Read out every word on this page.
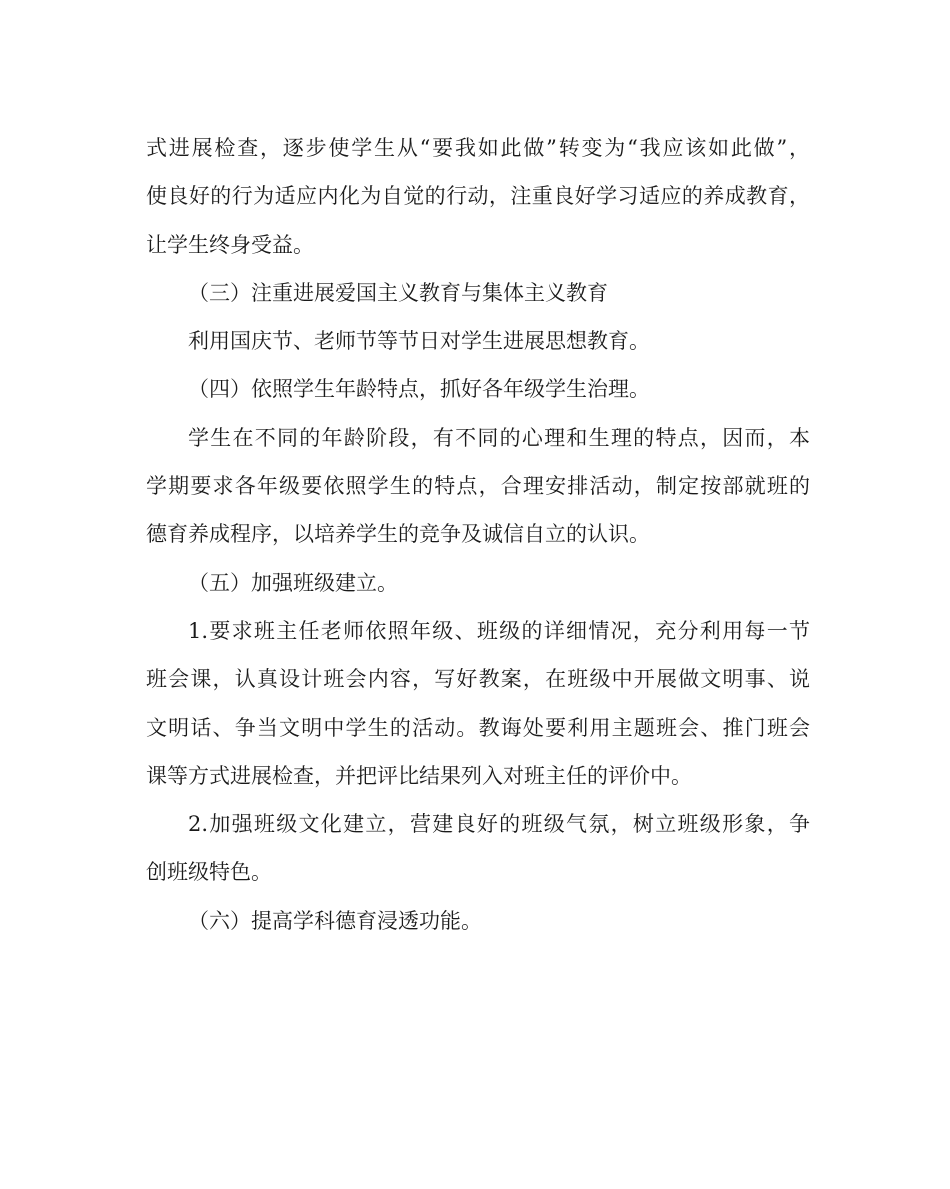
式进展检查，逐步使学生从“要我如此做”转变为“我应该如此做”，
使良好的行为适应内化为自觉的行动，注重良好学习适应的养成教育，
让学生终身受益。
（三）注重进展爱国主义教育与集体主义教育
利用国庆节、老师节等节日对学生进展思想教育。
（四）依照学生年龄特点，抓好各年级学生治理。
学生在不同的年龄阶段，有不同的心理和生理的特点，因而，本
学期要求各年级要依照学生的特点，合理安排活动，制定按部就班的
德育养成程序，以培养学生的竞争及诚信自立的认识。
（五）加强班级建立。
1.要求班主任老师依照年级、班级的详细情况，充分利用每一节
班会课，认真设计班会内容，写好教案，在班级中开展做文明事、说
文明话、争当文明中学生的活动。教诲处要利用主题班会、推门班会
课等方式进展检查，并把评比结果列入对班主任的评价中。
2.加强班级文化建立，营建良好的班级气氛，树立班级形象，争
创班级特色。
（六）提高学科德育浸透功能。
